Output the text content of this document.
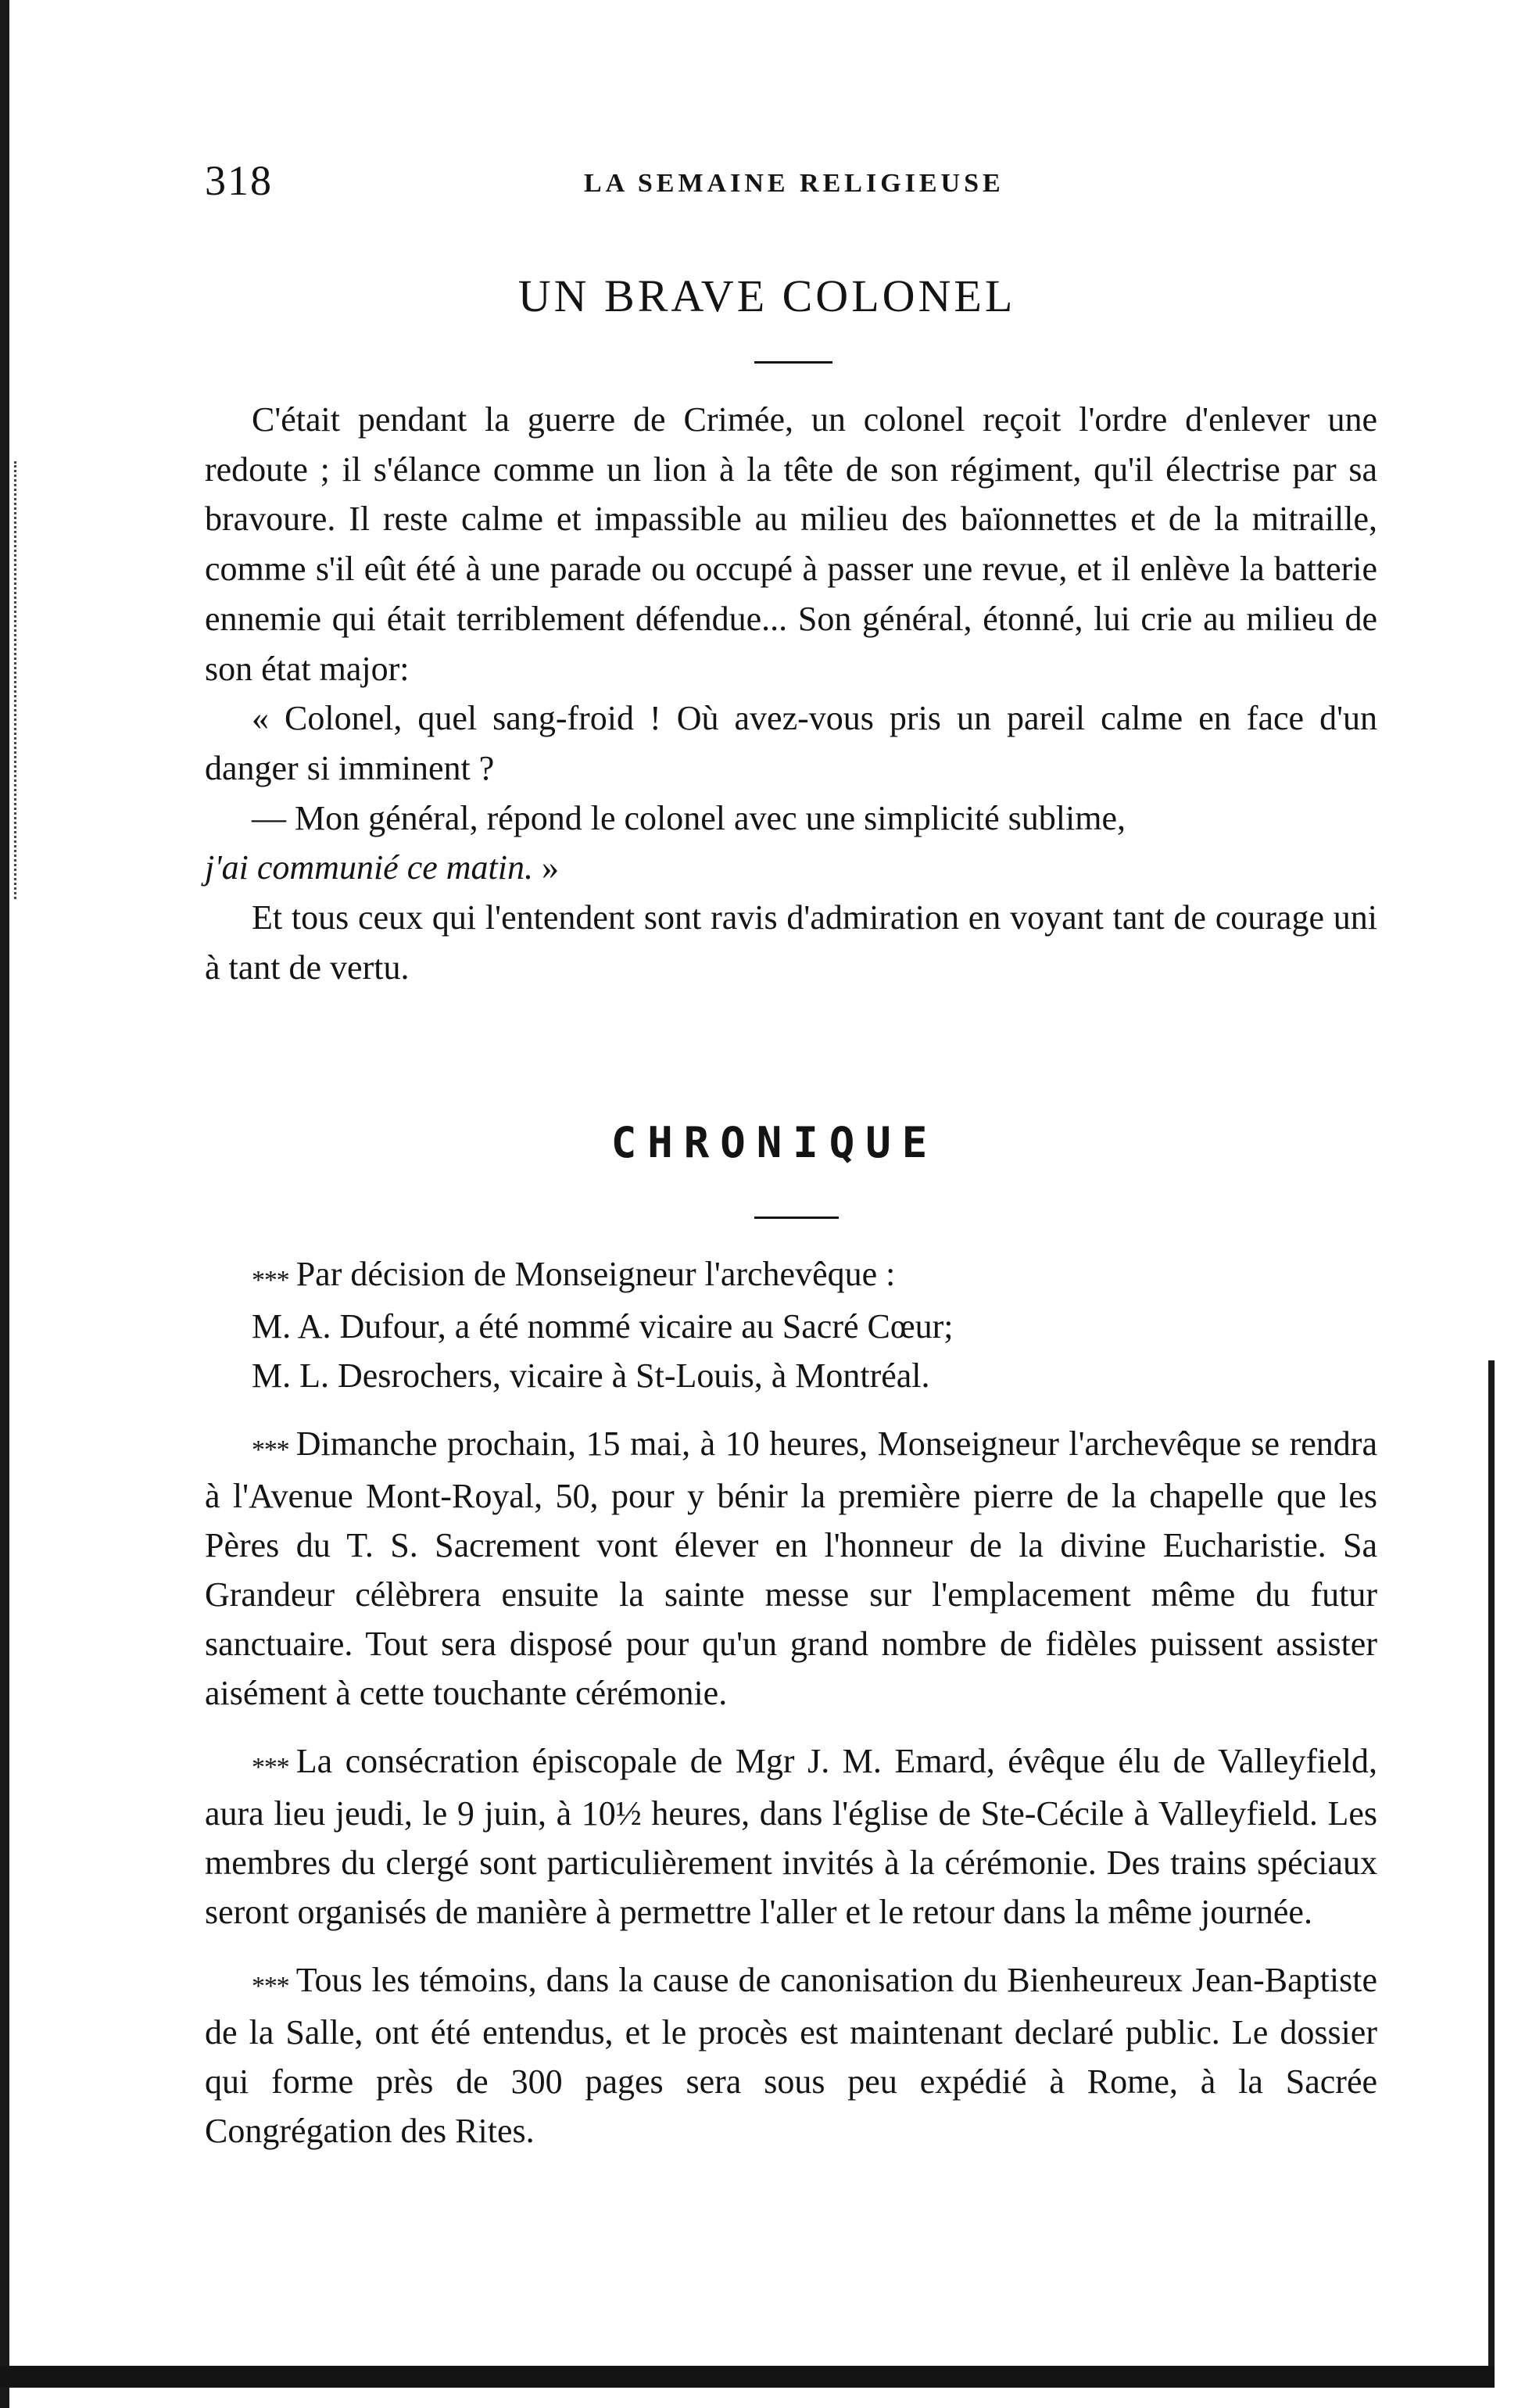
318	LA SEMAINE RELIGIEUSE
UN BRAVE COLONEL

C'était pendant la guerre de Crimée, un colonel reçoit l'ordre d'enlever une redoute ; il s'élance comme un lion à la tête de son régiment, qu'il électrise par sa bravoure. Il reste calme et impassible au milieu des baïonnettes et de la mitraille, comme s'il eût été à une parade ou occupé à passer une revue, et il enlève la batterie ennemie qui était terriblement défendue... Son général, étonné, lui crie au milieu de son état major:

« Colonel, quel sang-froid ! Où avez-vous pris un pareil calme en face d'un danger si imminent ?

— Mon général, répond le colonel avec une simplicité sublime,

j'ai communié ce matin. »

Et tous ceux qui l'entendent sont ravis d'admiration en voyant tant de courage uni à tant de vertu.

CHRONIQUE

* * * Par décision de Monseigneur l'archevêque :

M. A. Dufour, a été nommé vicaire au Sacré Cœur;

M. L. Desrochers, vicaire à St-Louis, à Montréal.

* * * Dimanche prochain, 15 mai, à 10 heures, Monseigneur l'archevêque se rendra à l'Avenue Mont-Royal, 50, pour y bénir la première pierre de la chapelle que les Pères du T. S. Sacrement vont élever en l'honneur de la divine Eucharistie. Sa Grandeur célèbrera ensuite la sainte messe sur l'emplacement même du futur sanctuaire. Tout sera disposé pour qu'un grand nombre de fidèles puissent assister aisément à cette touchante cérémonie.

* * * La consécration épiscopale de Mgr J. M. Emard, évêque élu de Valleyfield, aura lieu jeudi, le 9 juin, à 10½ heures, dans l'église de Ste-Cécile à Valleyfield. Les membres du clergé sont particulièrement invités à la cérémonie. Des trains spéciaux seront organisés de manière à permettre l'aller et le retour dans la même journée.

* * * Tous les témoins, dans la cause de canonisation du Bienheureux Jean-Baptiste de la Salle, ont été entendus, et le procès est maintenant declaré public. Le dossier qui forme près de 300 pages sera sous peu expédié à Rome, à la Sacrée Congrégation des Rites.
